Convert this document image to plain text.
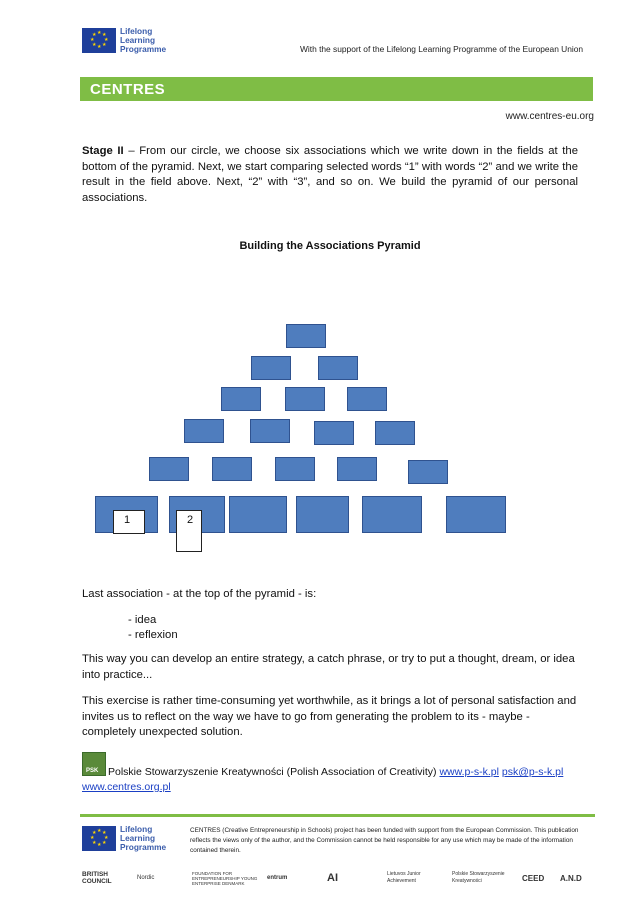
★ ★
★
★
★
★
★
★	Lifelong
Learning
Programme	With the support of the Lifelong Learning Programme of the European Union
CENTRES
www.centres-eu.org
Stage II – From our circle, we choose six associations which we write down in the fields at the bottom of the pyramid. Next, we start comparing selected words “1” with words “2” and we write the result in the field above. Next, “2” with “3”, and so on. We build the pyramid of our personal associations.
Building the Associations Pyramid
1	2
Last association - at the top of the pyramid - is:
- idea
- reflexion
This way you can develop an entire strategy, a catch phrase, or try to put a thought, dream, or idea into practice...
This exercise is rather time-consuming yet worthwhile, as it brings a lot of personal satisfaction and invites us to reflect on the way we have to go from generating the problem to its - maybe - completely unexpected solution.
PSK Polskie Stowarzyszenie Kreatywności (Polish Association of Creativity) www.p-s-k.pl psk@p-s-k.pl
www.centres.org.pl
★ ★
★
★
★
★
★
★	Lifelong
Learning
Programme
CENTRES (Creative Entrepreneurship in Schools) project has been funded with support from the European Commission. This publication reflects the views only of the author, and the Commission cannot be held responsible for any use which may be made of the information contained therein.
BRITISH COUNCIL
Nordic
FOUNDATION FOR ENTREPRENEURSHIP YOUNG ENTERPRISE DENMARK
entrum	AI	Lietuvos Junior Achievement
Polskie Stowarzyszenie Kreatywności	CEED	A.N.D
